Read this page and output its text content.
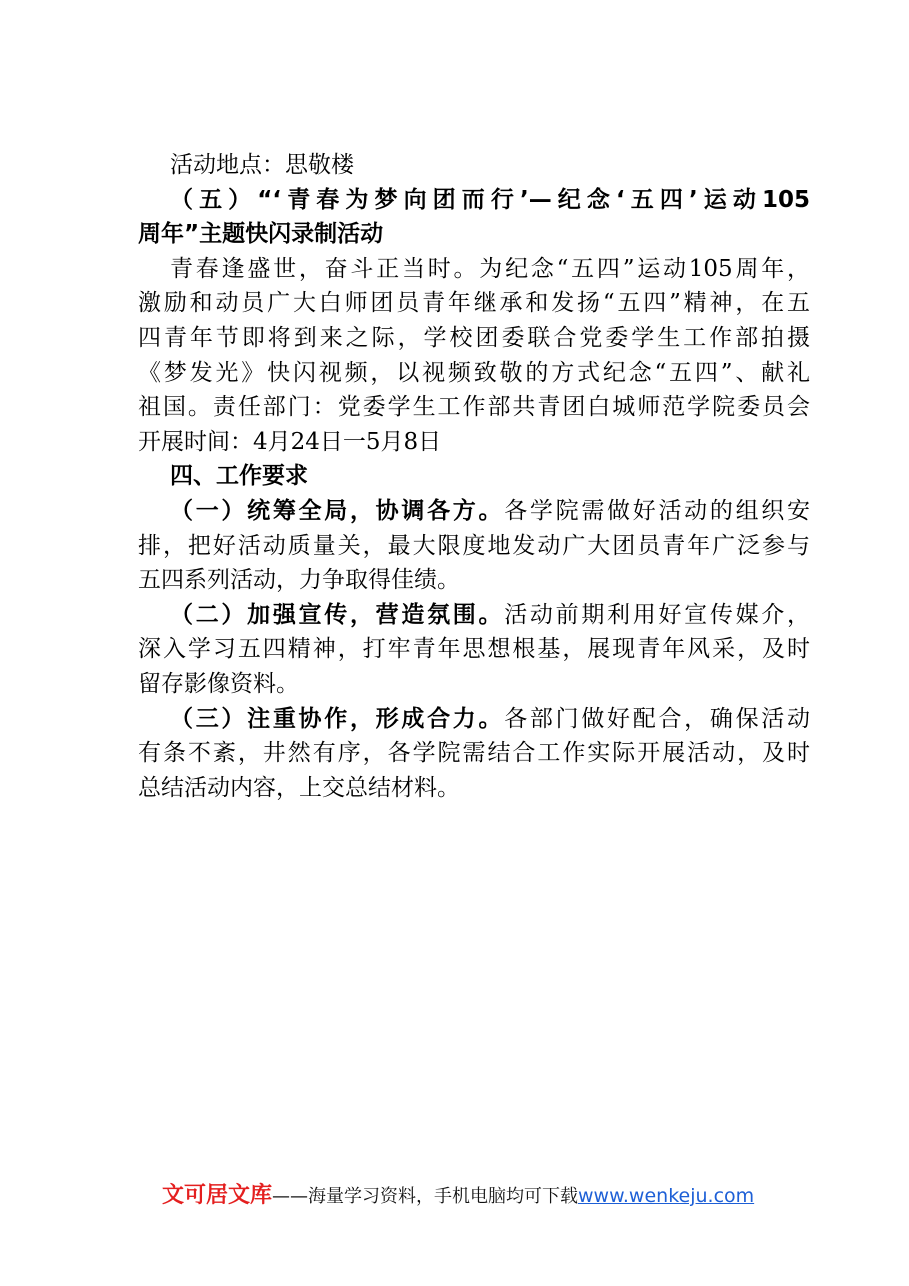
活动地点：思敬楼
（五）“‘青春为梦向团而行’—纪念‘五四’运动105
周年”主题快闪录制活动
青春逢盛世，奋斗正当时。为纪念“五四”运动105周年，
激励和动员广大白师团员青年继承和发扬“五四”精神，在五
四青年节即将到来之际，学校团委联合党委学生工作部拍摄
《梦发光》快闪视频，以视频致敬的方式纪念“五四”、献礼
祖国。责任部门：党委学生工作部共青团白城师范学院委员会
开展时间：4月24日一5月8日
四、工作要求
（一）统筹全局，协调各方。各学院需做好活动的组织安
排，把好活动质量关，最大限度地发动广大团员青年广泛参与
五四系列活动，力争取得佳绩。
（二）加强宣传，营造氛围。活动前期利用好宣传媒介，
深入学习五四精神，打牢青年思想根基，展现青年风采，及时
留存影像资料。
（三）注重协作，形成合力。各部门做好配合，确保活动
有条不紊，井然有序，各学院需结合工作实际开展活动，及时
总结活动内容，上交总结材料。
文可居文库——海量学习资料，手机电脑均可下载www.wenkeju.com
